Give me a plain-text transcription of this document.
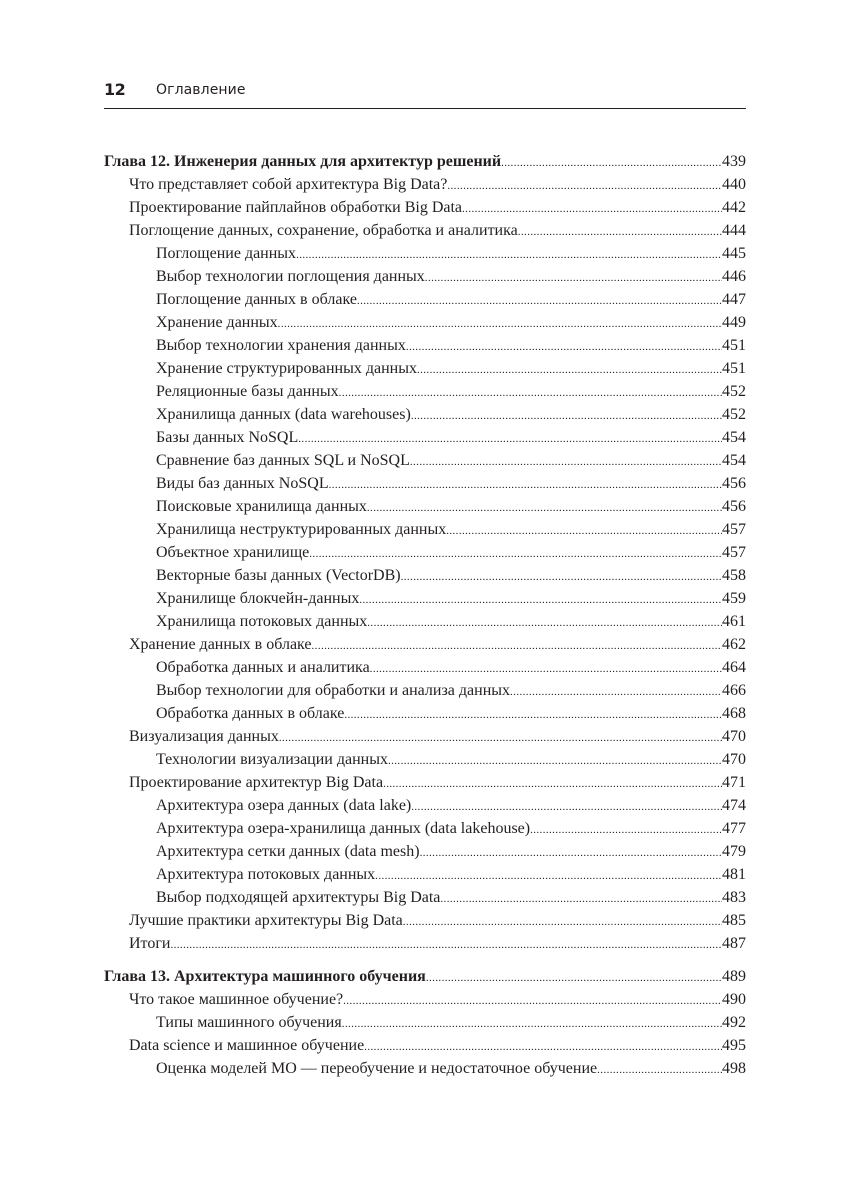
12 Оглавление
Глава 12. Инженерия данных для архитектур решений .....	439
Что представляет собой архитектура Big Data? .....	440
Проектирование пайплайнов обработки Big Data .....	442
Поглощение данных, сохранение, обработка и аналитика .....	444
Поглощение данных .....	445
Выбор технологии поглощения данных .....	446
Поглощение данных в облаке .....	447
Хранение данных .....	449
Выбор технологии хранения данных .....	451
Хранение структурированных данных .....	451
Реляционные базы данных .....	452
Хранилища данных (data warehouses) .....	452
Базы данных NoSQL .....	454
Сравнение баз данных SQL и NoSQL .....	454
Виды баз данных NoSQL .....	456
Поисковые хранилища данных .....	456
Хранилища неструктурированных данных .....	457
Объектное хранилище .....	457
Векторные базы данных (VectorDB) .....	458
Хранилище блокчейн-данных .....	459
Хранилища потоковых данных .....	461
Хранение данных в облаке .....	462
Обработка данных и аналитика .....	464
Выбор технологии для обработки и анализа данных .....	466
Обработка данных в облаке .....	468
Визуализация данных .....	470
Технологии визуализации данных .....	470
Проектирование архитектур Big Data .....	471
Архитектура озера данных (data lake) .....	474
Архитектура озера-хранилища данных (data lakehouse) .....	477
Архитектура сетки данных (data mesh) .....	479
Архитектура потоковых данных .....	481
Выбор подходящей архитектуры Big Data .....	483
Лучшие практики архитектуры Big Data .....	485
Итоги .....	487
Глава 13. Архитектура машинного обучения .....	489
Что такое машинное обучение? .....	490
Типы машинного обучения .....	492
Data science и машинное обучение .....	495
Оценка моделей МО — переобучение и недостаточное обучение .....	498
